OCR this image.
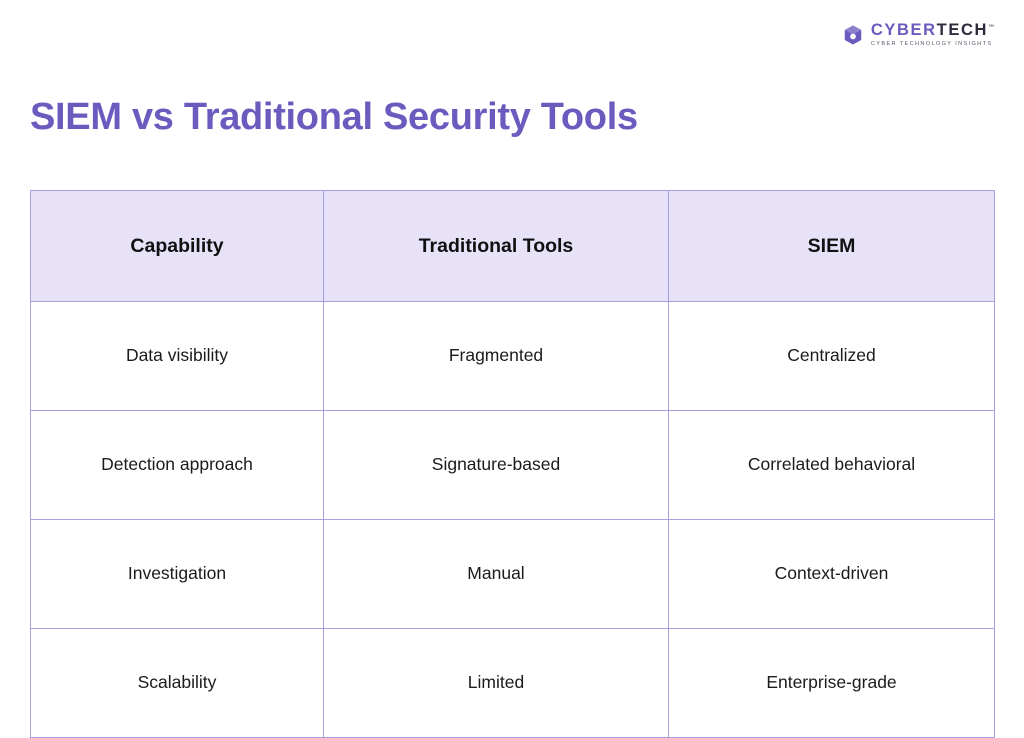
CYBERTECH™
CYBER TECHNOLOGY INSIGHTS
SIEM vs Traditional Security Tools
Capability	Traditional Tools	SIEM
Data visibility	Fragmented	Centralized
Detection approach	Signature-based	Correlated behavioral
Investigation	Manual	Context-driven
Scalability	Limited	Enterprise-grade
